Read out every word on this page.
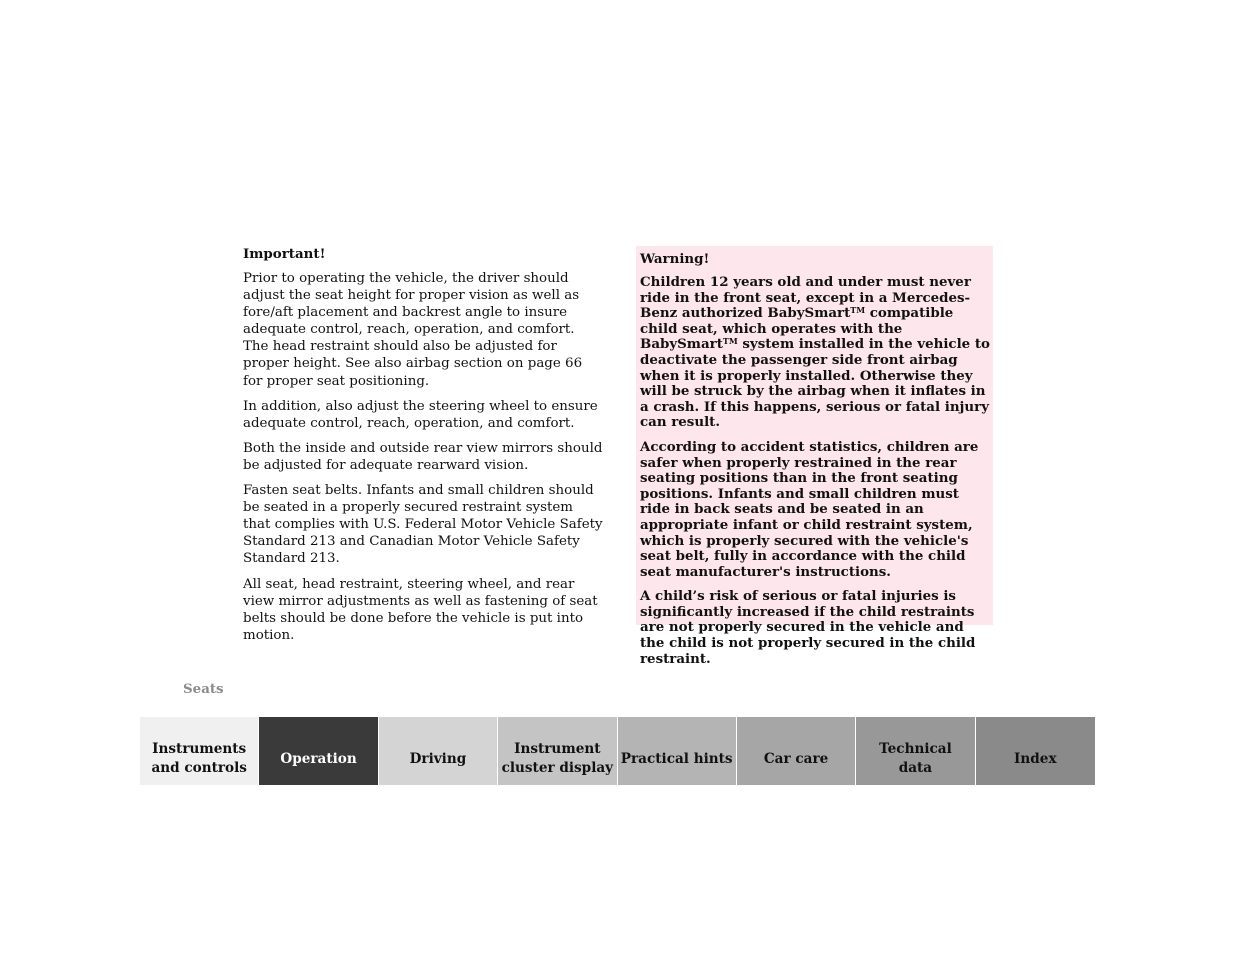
Important!

Prior to operating the vehicle, the driver should adjust the seat height for proper vision as well as fore/aft placement and backrest angle to insure adequate control, reach, operation, and comfort. The head restraint should also be adjusted for proper height. See also airbag section on page 66 for proper seat positioning.

In addition, also adjust the steering wheel to ensure adequate control, reach, operation, and comfort.

Both the inside and outside rear view mirrors should be adjusted for adequate rearward vision.

Fasten seat belts. Infants and small children should be seated in a properly secured restraint system that complies with U.S. Federal Motor Vehicle Safety Standard 213 and Canadian Motor Vehicle Safety Standard 213.

All seat, head restraint, steering wheel, and rear view mirror adjustments as well as fastening of seat belts should be done before the vehicle is put into motion.

Warning!

Children 12 years old and under must never ride in the front seat, except in a Mercedes-Benz authorized BabySmart™ compatible child seat, which operates with the BabySmart™ system installed in the vehicle to deactivate the passenger side front airbag when it is properly installed. Otherwise they will be struck by the airbag when it inflates in a crash. If this happens, serious or fatal injury can result.

According to accident statistics, children are safer when properly restrained in the rear seating positions than in the front seating positions. Infants and small children must ride in back seats and be seated in an appropriate infant or child restraint system, which is properly secured with the vehicle's seat belt, fully in accordance with the child seat manufacturer's instructions.

A child’s risk of serious or fatal injuries is significantly increased if the child restraints are not properly secured in the vehicle and the child is not properly secured in the child restraint.

Seats
Instruments
and controls
Operation	Driving
Instrument
cluster display
Practical hints	Car care
Technical
data
Index
